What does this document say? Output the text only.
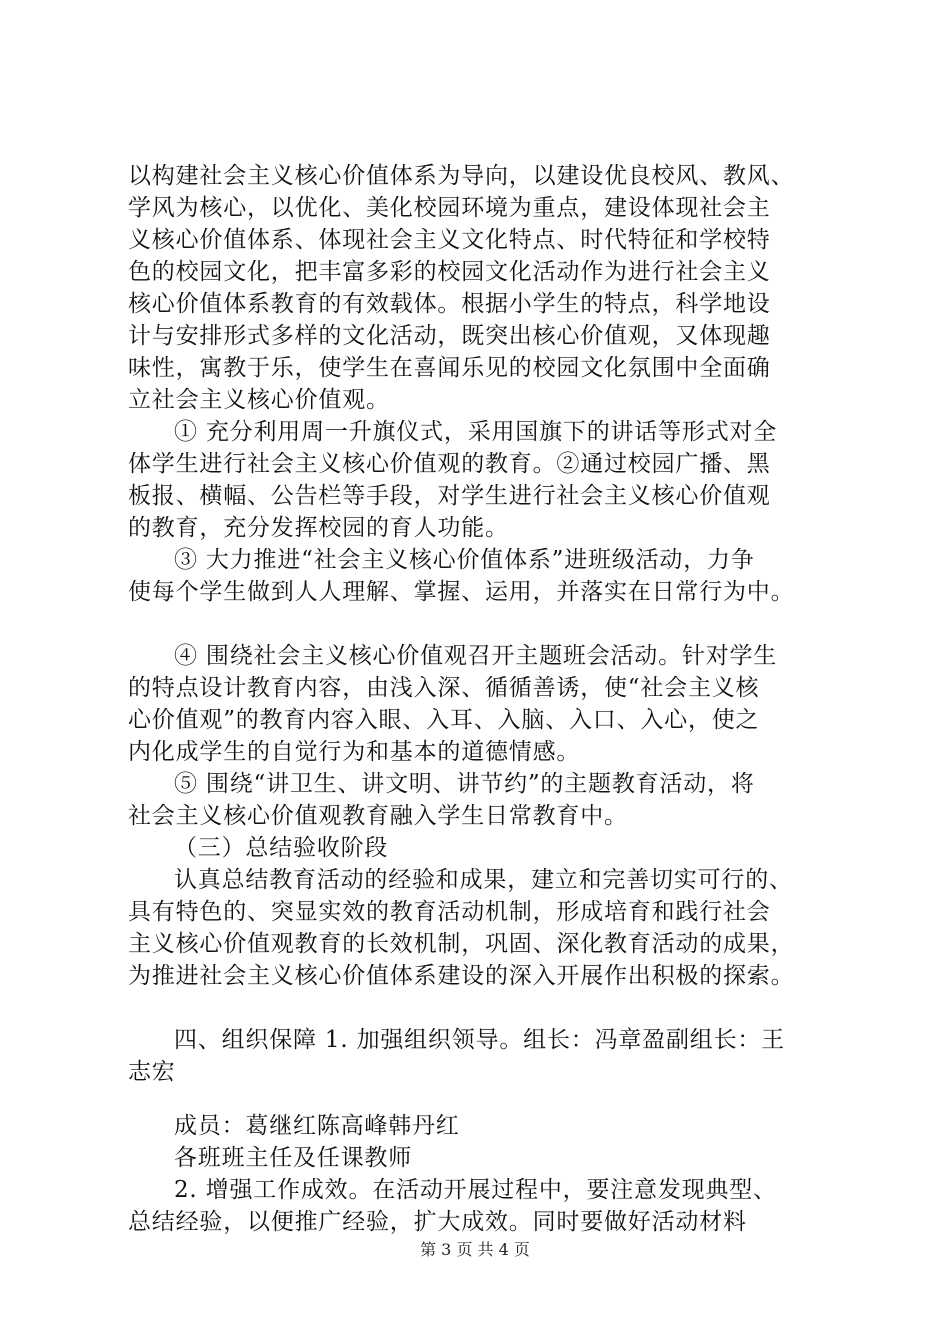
以构建社会主义核心价值体系为导向，以建设优良校风、教风、
学风为核心，以优化、美化校园环境为重点，建设体现社会主
义核心价值体系、体现社会主义文化特点、时代特征和学校特
色的校园文化，把丰富多彩的校园文化活动作为进行社会主义
核心价值体系教育的有效载体。根据小学生的特点，科学地设
计与安排形式多样的文化活动，既突出核心价值观，又体现趣
味性，寓教于乐，使学生在喜闻乐见的校园文化氛围中全面确
立社会主义核心价值观。
① 充分利用周一升旗仪式，采用国旗下的讲话等形式对全
体学生进行社会主义核心价值观的教育。②通过校园广播、黑
板报、横幅、公告栏等手段，对学生进行社会主义核心价值观
的教育，充分发挥校园的育人功能。
③ 大力推进“社会主义核心价值体系”进班级活动，力争
使每个学生做到人人理解、掌握、运用，并落实在日常行为中。
④ 围绕社会主义核心价值观召开主题班会活动。针对学生
的特点设计教育内容，由浅入深、循循善诱，使“社会主义核
心价值观”的教育内容入眼、入耳、入脑、入口、入心，使之
内化成学生的自觉行为和基本的道德情感。
⑤ 围绕“讲卫生、讲文明、讲节约”的主题教育活动，将
社会主义核心价值观教育融入学生日常教育中。
（三）总结验收阶段
认真总结教育活动的经验和成果，建立和完善切实可行的、
具有特色的、突显实效的教育活动机制，形成培育和践行社会
主义核心价值观教育的长效机制，巩固、深化教育活动的成果，
为推进社会主义核心价值体系建设的深入开展作出积极的探索。
四、组织保障 1. 加强组织领导。组长：冯章盈副组长：王
志宏
成员：葛继红陈高峰韩丹红
各班班主任及任课教师
2. 增强工作成效。在活动开展过程中，要注意发现典型、
总结经验，以便推广经验，扩大成效。同时要做好活动材料
第 3 页 共 4 页
